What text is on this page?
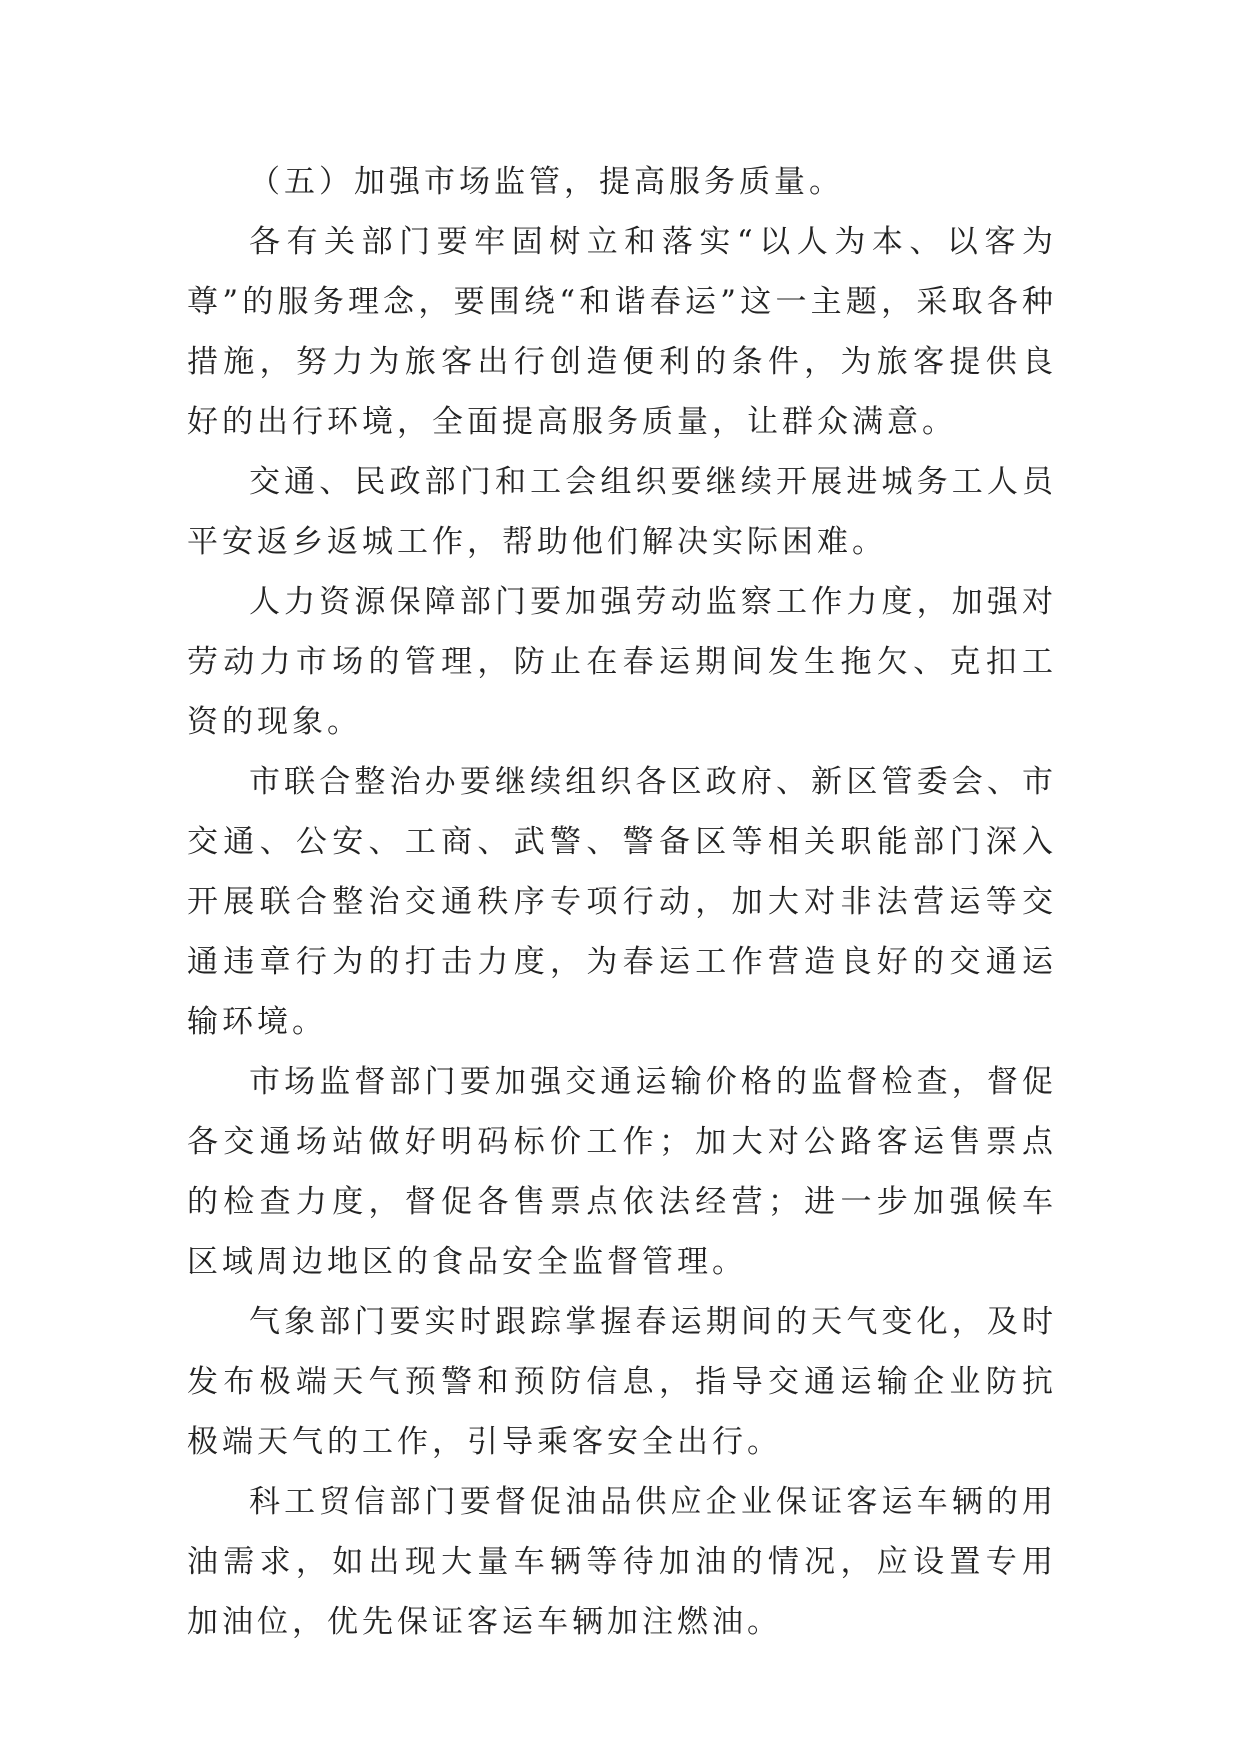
（五）加强市场监管，提高服务质量。

各有关部门要牢固树立和落实“以人为本、以客为尊”的服务理念，要围绕“和谐春运”这一主题，采取各种措施，努力为旅客出行创造便利的条件，为旅客提供良好的出行环境，全面提高服务质量，让群众满意。

交通、民政部门和工会组织要继续开展进城务工人员平安返乡返城工作，帮助他们解决实际困难。

人力资源保障部门要加强劳动监察工作力度，加强对劳动力市场的管理，防止在春运期间发生拖欠、克扣工资的现象。

市联合整治办要继续组织各区政府、新区管委会、市交通、公安、工商、武警、警备区等相关职能部门深入开展联合整治交通秩序专项行动，加大对非法营运等交通违章行为的打击力度，为春运工作营造良好的交通运输环境。

市场监督部门要加强交通运输价格的监督检查，督促各交通场站做好明码标价工作；加大对公路客运售票点的检查力度，督促各售票点依法经营；进一步加强候车区域周边地区的食品安全监督管理。

气象部门要实时跟踪掌握春运期间的天气变化，及时发布极端天气预警和预防信息，指导交通运输企业防抗极端天气的工作，引导乘客安全出行。

科工贸信部门要督促油品供应企业保证客运车辆的用油需求，如出现大量车辆等待加油的情况，应设置专用加油位，优先保证客运车辆加注燃油。
